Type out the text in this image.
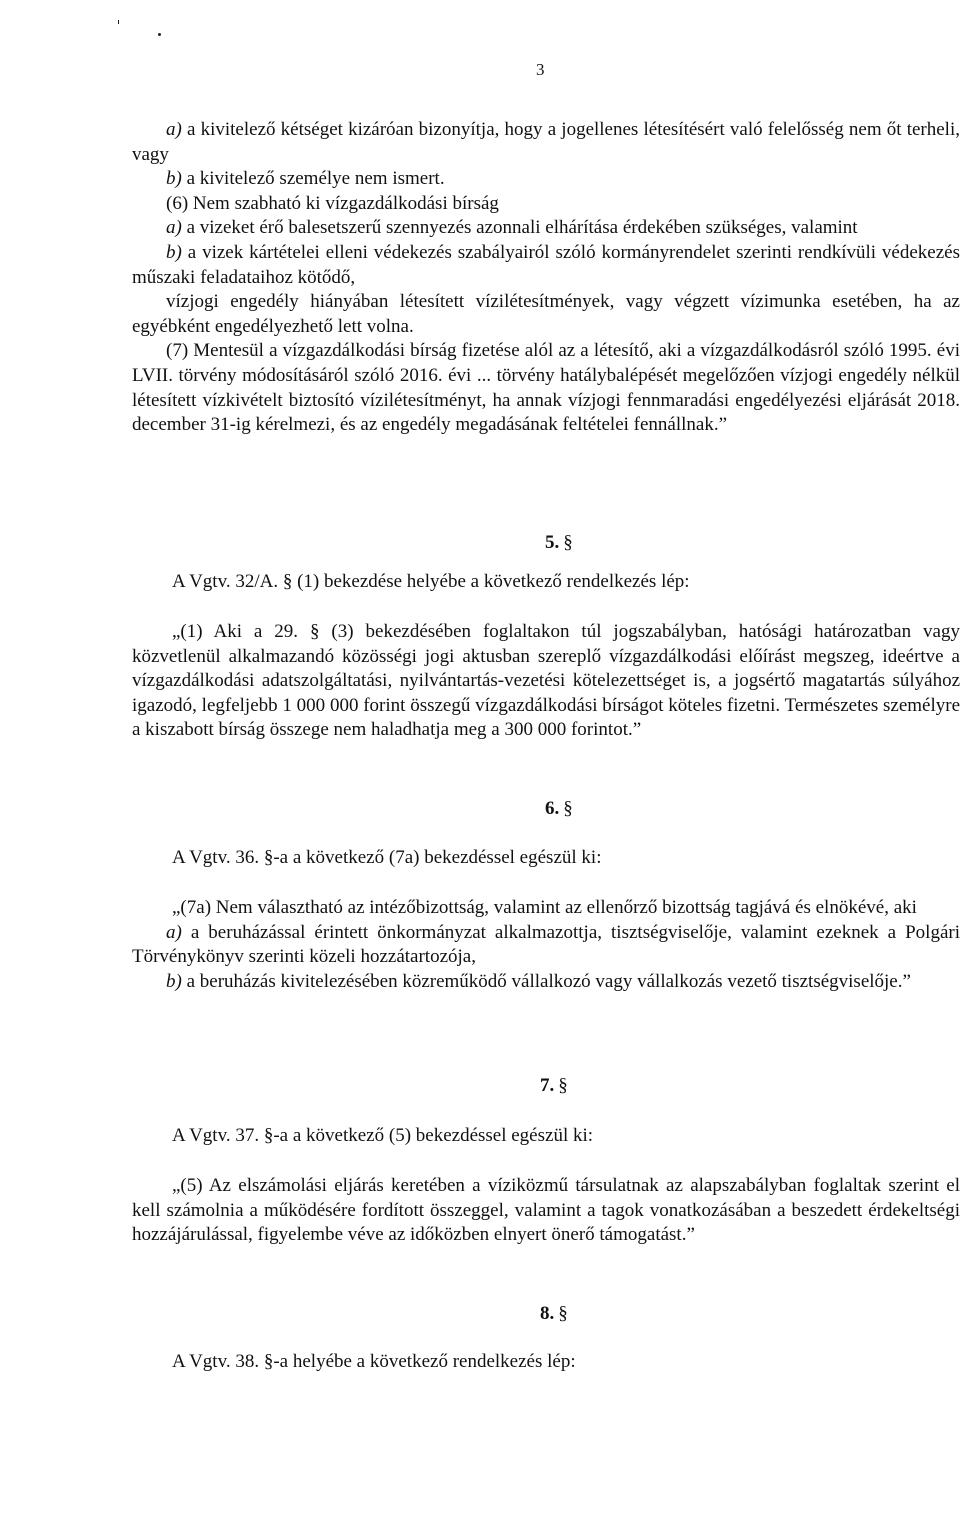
3

a) a kivitelező kétséget kizáróan bizonyítja, hogy a jogellenes létesítésért való felelősség nem őt terheli, vagy

b) a kivitelező személye nem ismert.

(6) Nem szabható ki vízgazdálkodási bírság

a) a vizeket érő balesetszerű szennyezés azonnali elhárítása érdekében szükséges, valamint

b) a vizek kártételei elleni védekezés szabályairól szóló kormányrendelet szerinti rendkívüli védekezés műszaki feladataihoz kötődő,

vízjogi engedély hiányában létesített vízilétesítmények, vagy végzett vízimunka esetében, ha az egyébként engedélyezhető lett volna.

(7) Mentesül a vízgazdálkodási bírság fizetése alól az a létesítő, aki a vízgazdálkodásról szóló 1995. évi LVII. törvény módosításáról szóló 2016. évi ... törvény hatálybalépését megelőzően vízjogi engedély nélkül létesített vízkivételt biztosító vízilétesítményt, ha annak vízjogi fennmaradási engedélyezési eljárását 2018. december 31-ig kérelmezi, és az engedély megadásának feltételei fennállnak.”

5. §
A Vgtv. 32/A. § (1) bekezdése helyébe a következő rendelkezés lép:

„(1) Aki a 29. § (3) bekezdésében foglaltakon túl jogszabályban, hatósági határozatban vagy közvetlenül alkalmazandó közösségi jogi aktusban szereplő vízgazdálkodási előírást megszeg, ideértve a vízgazdálkodási adatszolgáltatási, nyilvántartás-vezetési kötelezettséget is, a jogsértő magatartás súlyához igazodó, legfeljebb 1 000 000 forint összegű vízgazdálkodási bírságot köteles fizetni. Természetes személyre a kiszabott bírság összege nem haladhatja meg a 300 000 forintot.”

6. §
A Vgtv. 36. §-a a következő (7a) bekezdéssel egészül ki:

„(7a) Nem választható az intézőbizottság, valamint az ellenőrző bizottság tagjává és elnökévé, aki

a) a beruházással érintett önkormányzat alkalmazottja, tisztségviselője, valamint ezeknek a Polgári Törvénykönyv szerinti közeli hozzátartozója,

b) a beruházás kivitelezésében közreműködő vállalkozó vagy vállalkozás vezető tisztségviselője.”

7. §
A Vgtv. 37. §-a a következő (5) bekezdéssel egészül ki:

„(5) Az elszámolási eljárás keretében a víziközmű társulatnak az alapszabályban foglaltak szerint el kell számolnia a működésére fordított összeggel, valamint a tagok vonatkozásában a beszedett érdekeltségi hozzájárulással, figyelembe véve az időközben elnyert önerő támogatást.”

8. §
A Vgtv. 38. §-a helyébe a következő rendelkezés lép:
